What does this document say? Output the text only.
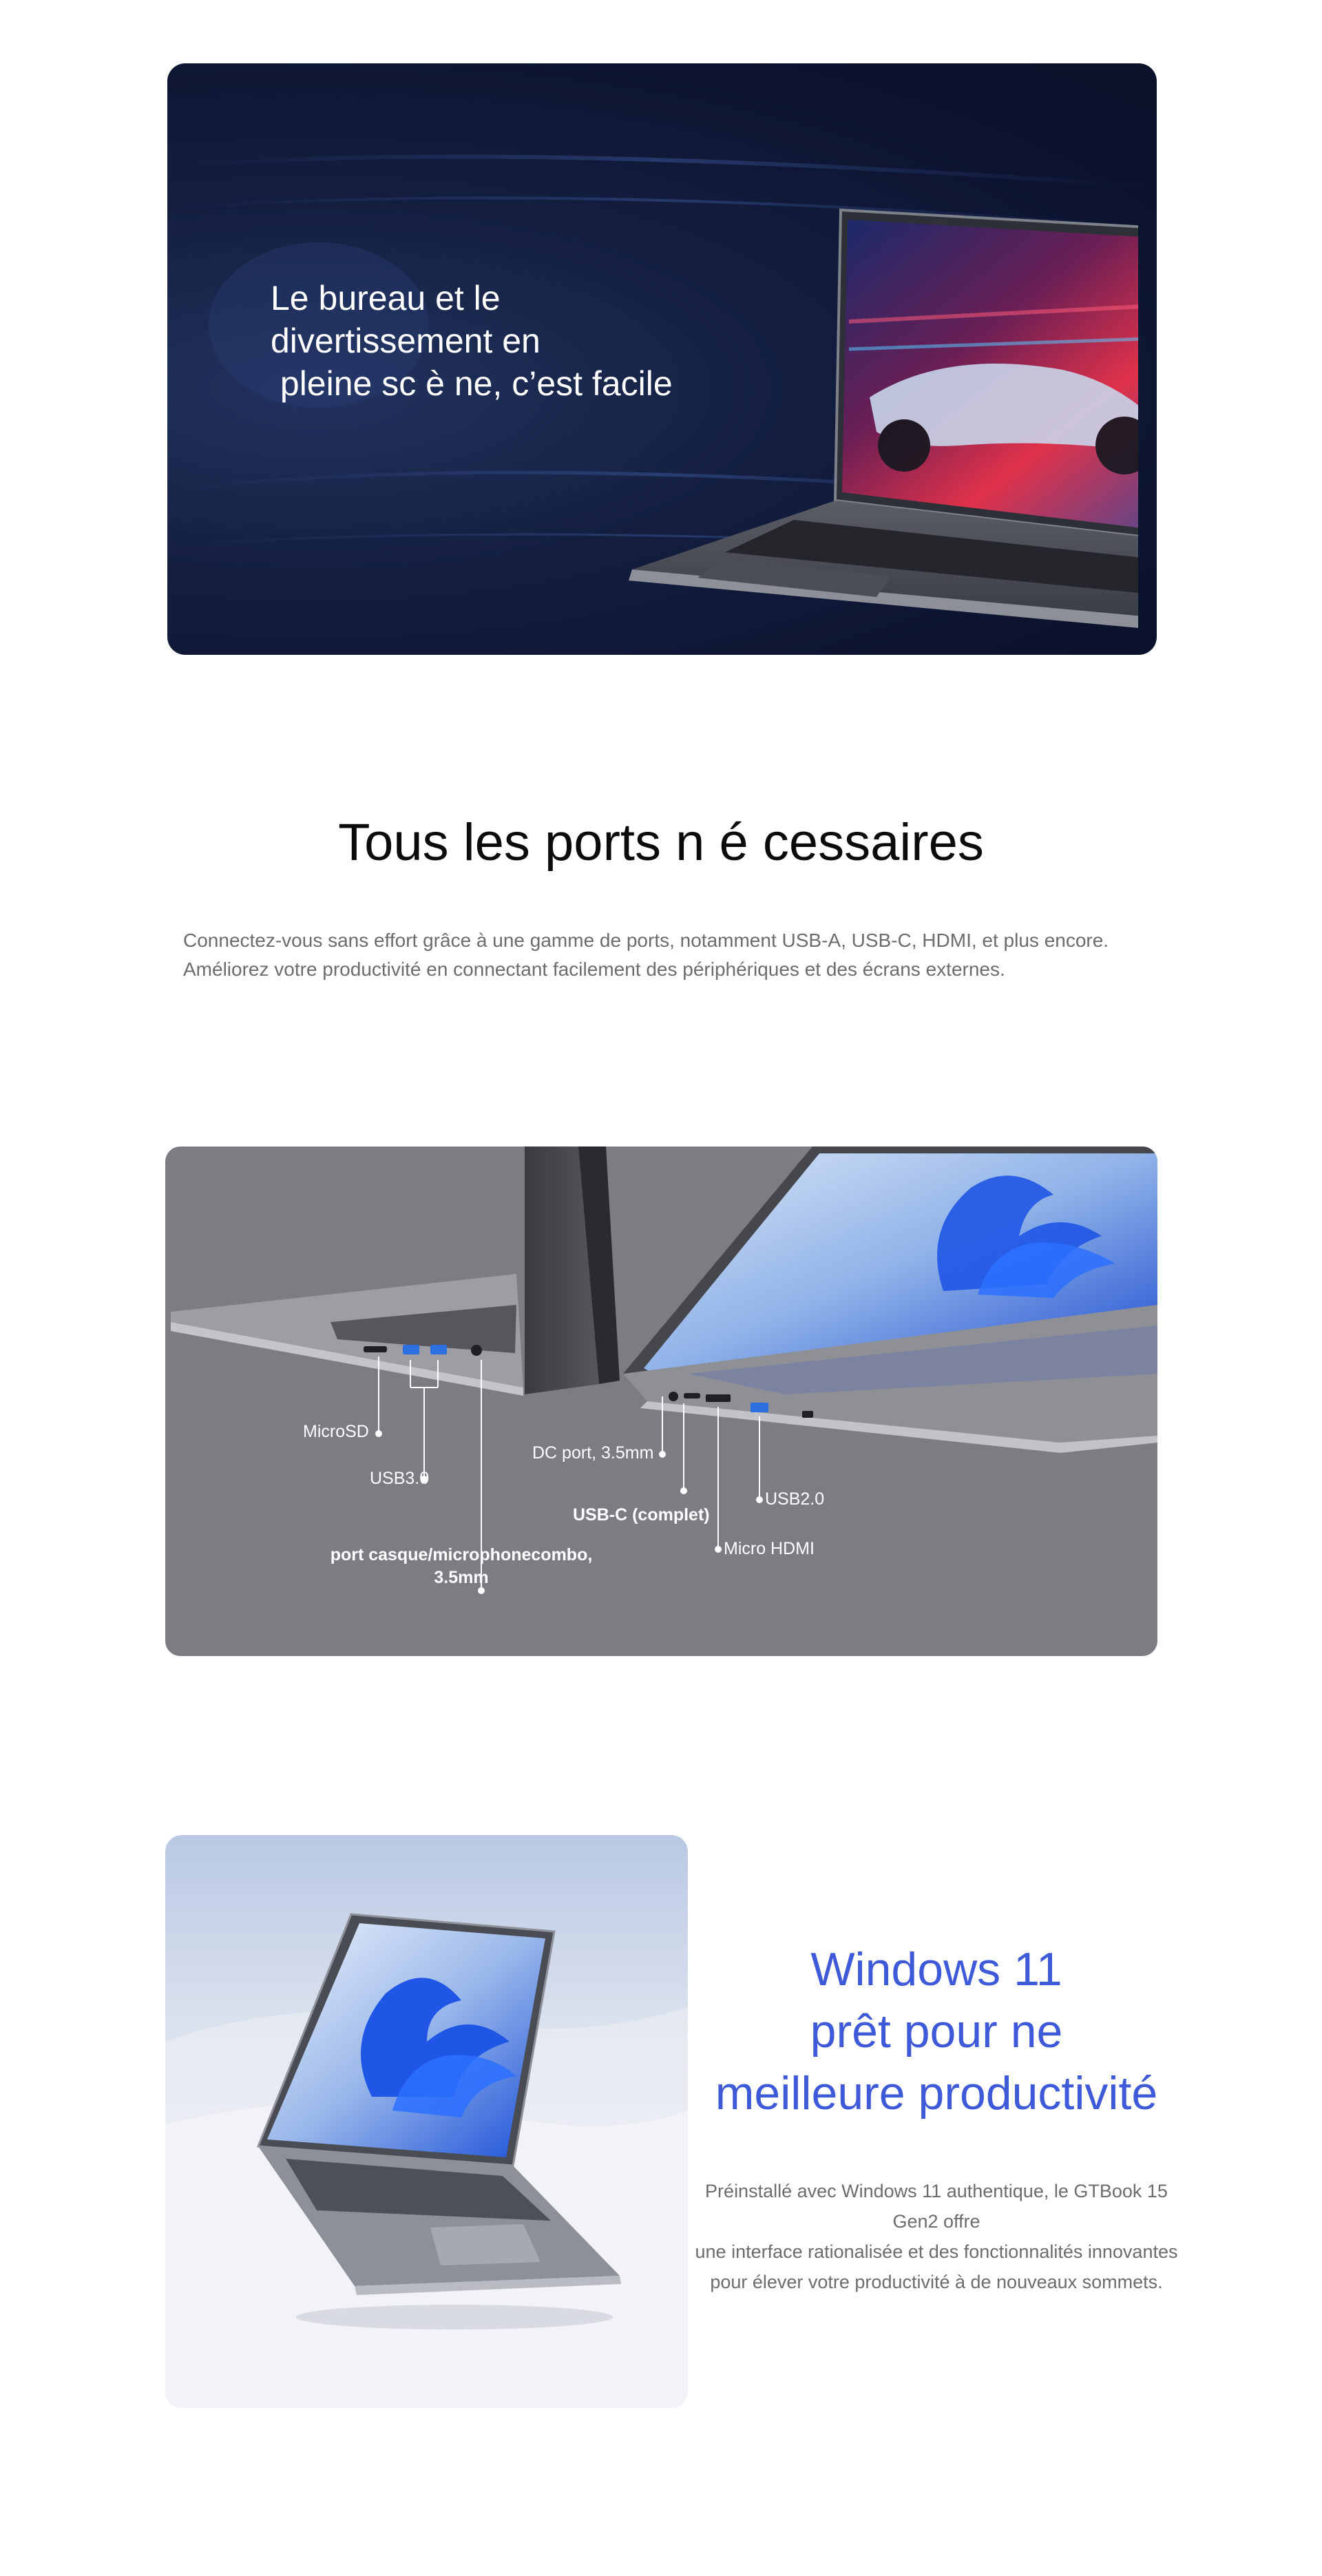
Le bureau et le
divertissement en
pleine sc è ne, c’est facile
Tous les ports n é cessaires
Connectez-vous sans effort grâce à une gamme de ports, notamment USB-A, USB-C, HDMI, et plus encore.
Améliorez votre productivité en connectant facilement des périphériques et des écrans externes.
MicroSD
USB3.0
port casque/microphonecombo,
3.5mm
DC port, 3.5mm
USB-C (complet)
USB2.0
Micro HDMI
Windows 11
prêt pour ne
meilleure productivité
Préinstallé avec Windows 11 authentique, le GTBook 15 Gen2 offre
une interface rationalisée et des fonctionnalités innovantes
pour élever votre productivité à de nouveaux sommets.
